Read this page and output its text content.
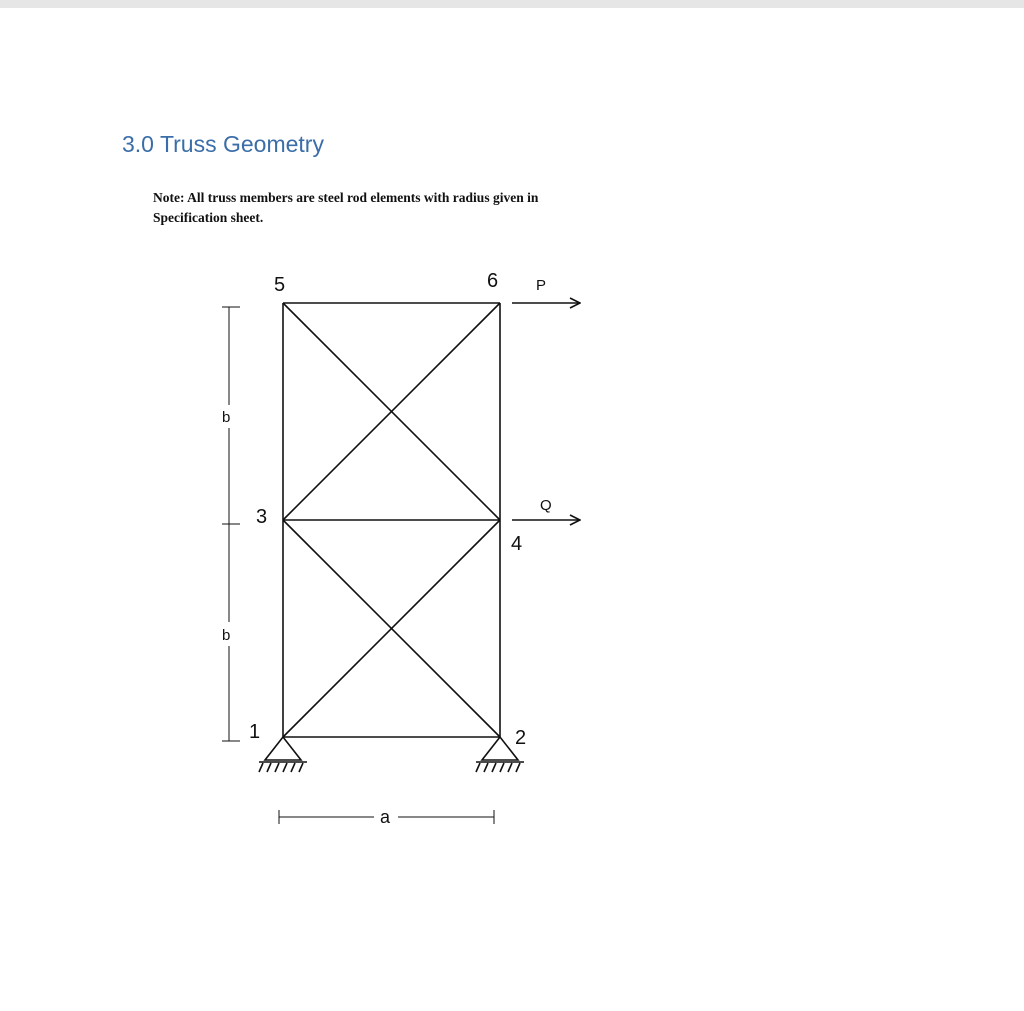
3.0 Truss Geometry

Note: All truss members are steel rod elements with radius given in
Specification sheet.

5	6
3
4
1	2
P
Q
b
b
a
